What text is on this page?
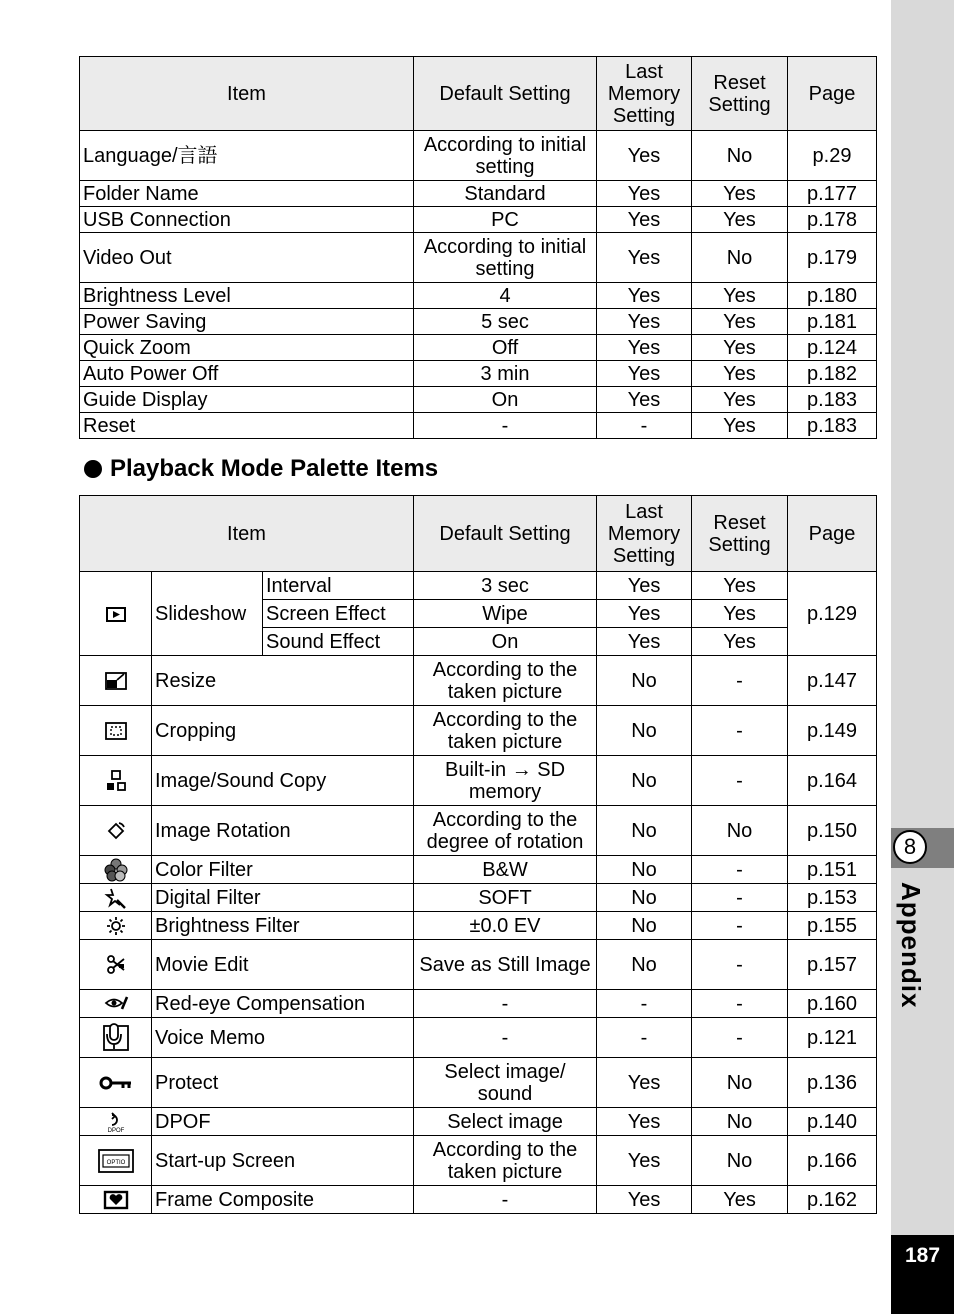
8
Appendix
187
Item	Default Setting	Last Memory Setting	Reset Setting	Page
Language/言語	According to initial setting	Yes	No	p.29
Folder Name	Standard	Yes	Yes	p.177
USB Connection	PC	Yes	Yes	p.178
Video Out	According to initial setting	Yes	No	p.179
Brightness Level	4	Yes	Yes	p.180
Power Saving	5 sec	Yes	Yes	p.181
Quick Zoom	Off	Yes	Yes	p.124
Auto Power Off	3 min	Yes	Yes	p.182
Guide Display	On	Yes	Yes	p.183
Reset	-	-	Yes	p.183
Playback Mode Palette Items
Item			Default Setting	Last Memory Setting	Reset Setting	Page

	Slideshow	Interval	3 sec	Yes	Yes	p.129
		Screen Effect	Wipe	Yes	Yes	
		Sound Effect	On	Yes	Yes	

	Resize		According to the taken picture	No	-	p.147

	Cropping		According to the taken picture	No	-	p.149

	Image/Sound Copy		Built-in → SD memory	No	-	p.164

	Image Rotation		According to the degree of rotation	No	No	p.150

	Color Filter		B&W	No	-	p.151

	Digital Filter		SOFT	No	-	p.153

	Brightness Filter		±0.0 EV	No	-	p.155

	Movie Edit		Save as Still Image	No	-	p.157

	Red-eye Compensation		-	-	-	p.160

	Voice Memo		-	-	-	p.121

	Protect		Select image/ sound	Yes	No	p.136

DPOF	DPOF		Select image	Yes	No	p.140

OPTIO	Start-up Screen		According to the taken picture	Yes	No	p.166

	Frame Composite		-	Yes	Yes	p.162
